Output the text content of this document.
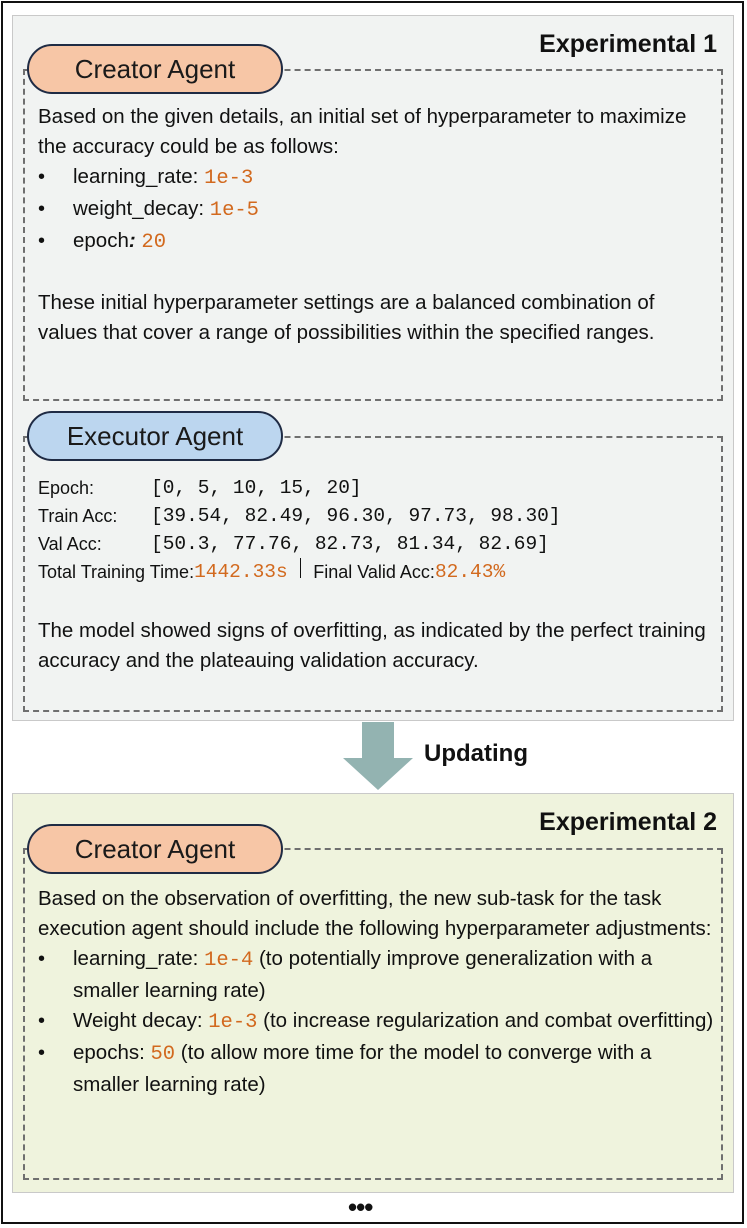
Experimental 1
Creator Agent

Based on the given details, an initial set of hyperparameter to maximize the accuracy could be as follows:

• learning_rate: 1e-3
• weight_decay: 1e-5
• epoch: 20

These initial hyperparameter settings are a balanced combination of values that cover a range of possibilities within the specified ranges.

Executor Agent
Epoch:	[0, 5, 10, 15, 20]
Train Acc:	[39.54, 82.49, 96.30, 97.73, 98.30]
Val Acc:	[50.3, 77.76, 82.73, 81.34, 82.69]
Total Training Time: 1442.33s Final Valid Acc: 82.43%
The model showed signs of overfitting, as indicated by the perfect training accuracy and the plateauing validation accuracy.
Updating
Experimental 2
Creator Agent

Based on the observation of overfitting, the new sub-task for the task execution agent should include the following hyperparameter adjustments:

• learning_rate: 1e-4 (to potentially improve generalization with a smaller learning rate)
• Weight decay: 1e-3 (to increase regularization and combat overfitting)
• epochs: 50 (to allow more time for the model to converge with a smaller learning rate)
•••
